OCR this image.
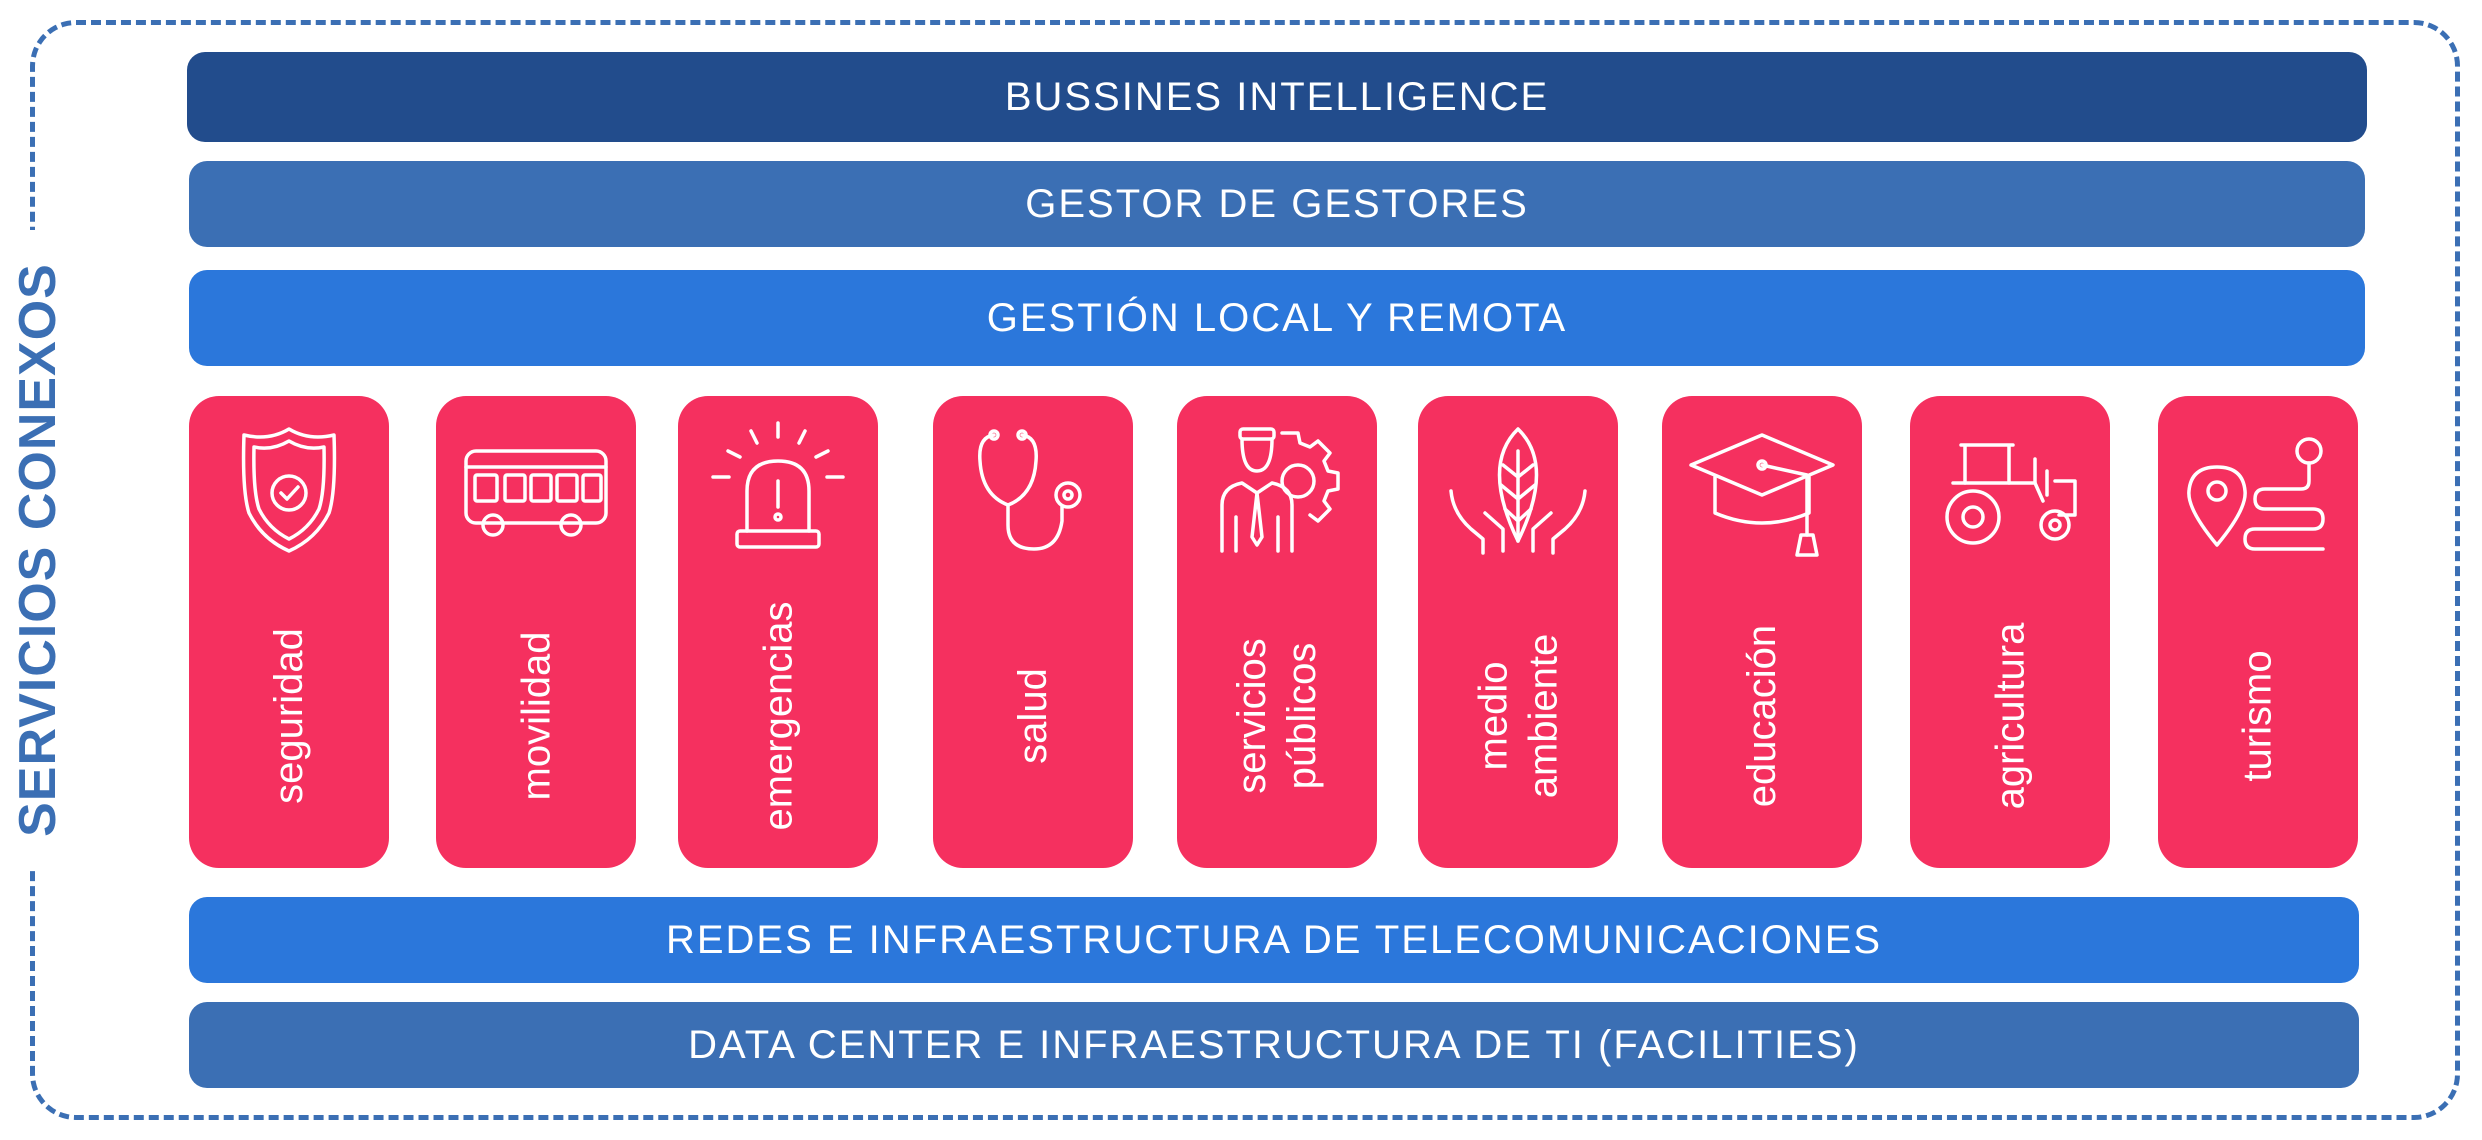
SERVICIOS CONEXOS
BUSSINES INTELLIGENCE
GESTOR DE GESTORES
GESTIÓN LOCAL Y REMOTA
seguridad	movilidad	emergencias	salud	servicios públicos	medio ambiente	educación	agricultura	turismo
REDES E INFRAESTRUCTURA DE TELECOMUNICACIONES
DATA CENTER E INFRAESTRUCTURA DE TI (FACILITIES)
